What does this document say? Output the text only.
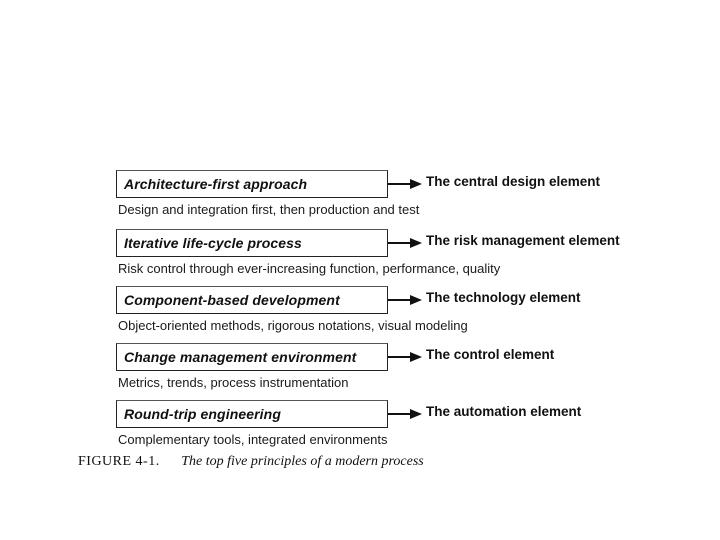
Architecture-first approach	The central design element
Design and integration first, then production and test
Iterative life-cycle process	The risk management element
Risk control through ever-increasing function, performance, quality
Component-based development	The technology element
Object-oriented methods, rigorous notations, visual modeling
Change management environment	The control element
Metrics, trends, process instrumentation
Round-trip engineering	The automation element
Complementary tools, integrated environments
FIGURE 4-1. The top five principles of a modern process
